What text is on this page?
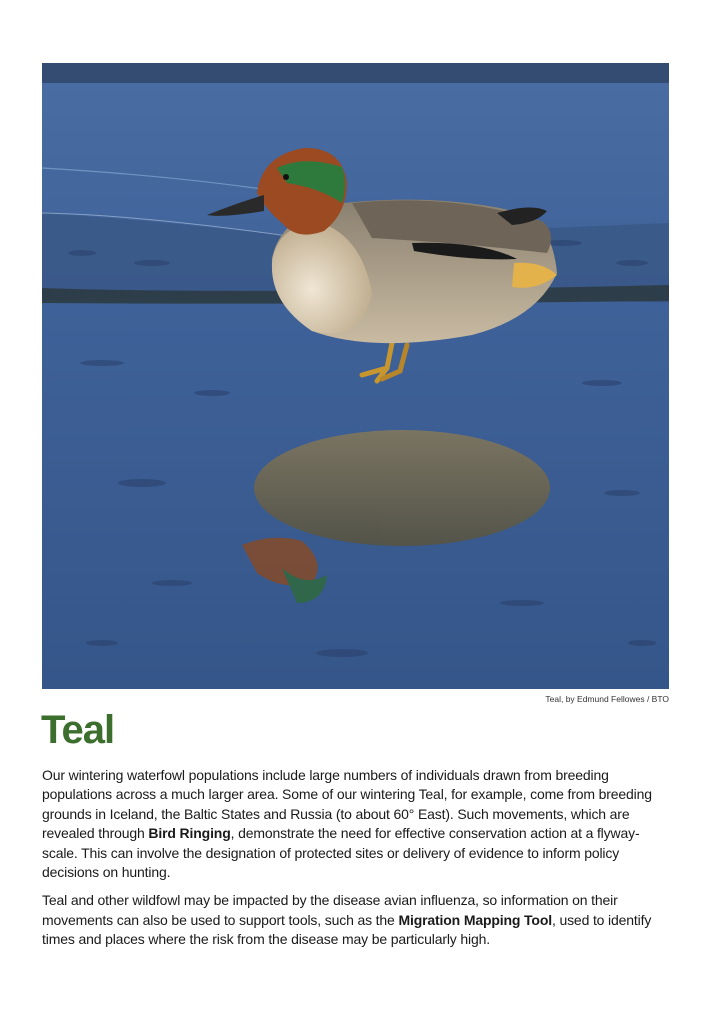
Teal, by Edmund Fellowes / BTO
Teal

Our wintering waterfowl populations include large numbers of individuals drawn from breeding populations across a much larger area. Some of our wintering Teal, for example, come from breeding grounds in Iceland, the Baltic States and Russia (to about 60° East). Such movements, which are revealed through Bird Ringing, demonstrate the need for effective conservation action at a flyway-scale. This can involve the designation of protected sites or delivery of evidence to inform policy decisions on hunting.

Teal and other wildfowl may be impacted by the disease avian influenza, so information on their movements can also be used to support tools, such as the Migration Mapping Tool, used to identify times and places where the risk from the disease may be particularly high.
